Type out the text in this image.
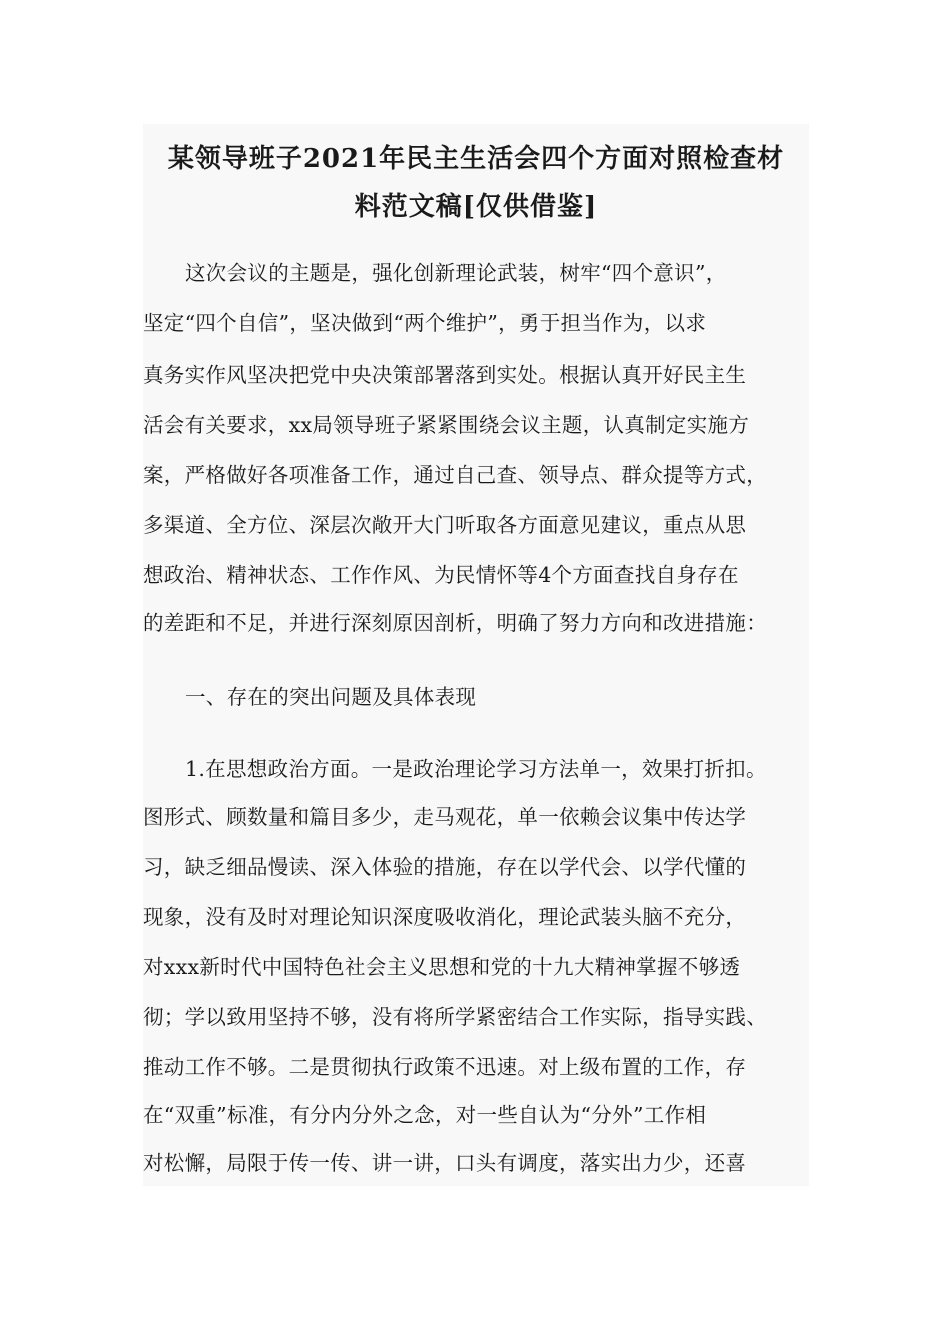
某领导班子2021年民主生活会四个方面对照检查材
料范文稿[仅供借鉴]
这次会议的主题是，强化创新理论武装，树牢“四个意识”，
坚定“四个自信”，坚决做到“两个维护”，勇于担当作为，以求
真务实作风坚决把党中央决策部署落到实处。根据认真开好民主生
活会有关要求，xx局领导班子紧紧围绕会议主题，认真制定实施方
案，严格做好各项准备工作，通过自己查、领导点、群众提等方式，
多渠道、全方位、深层次敞开大门听取各方面意见建议，重点从思
想政治、精神状态、工作作风、为民情怀等4个方面查找自身存在
的差距和不足，并进行深刻原因剖析，明确了努力方向和改进措施：
一、存在的突出问题及具体表现
1.在思想政治方面。一是政治理论学习方法单一，效果打折扣。
图形式、顾数量和篇目多少，走马观花，单一依赖会议集中传达学
习，缺乏细品慢读、深入体验的措施，存在以学代会、以学代懂的
现象，没有及时对理论知识深度吸收消化，理论武装头脑不充分，
对xxx新时代中国特色社会主义思想和党的十九大精神掌握不够透
彻；学以致用坚持不够，没有将所学紧密结合工作实际，指导实践、
推动工作不够。二是贯彻执行政策不迅速。对上级布置的工作，存
在“双重”标准，有分内分外之念，对一些自认为“分外”工作相
对松懈，局限于传一传、讲一讲，口头有调度，落实出力少，还喜
